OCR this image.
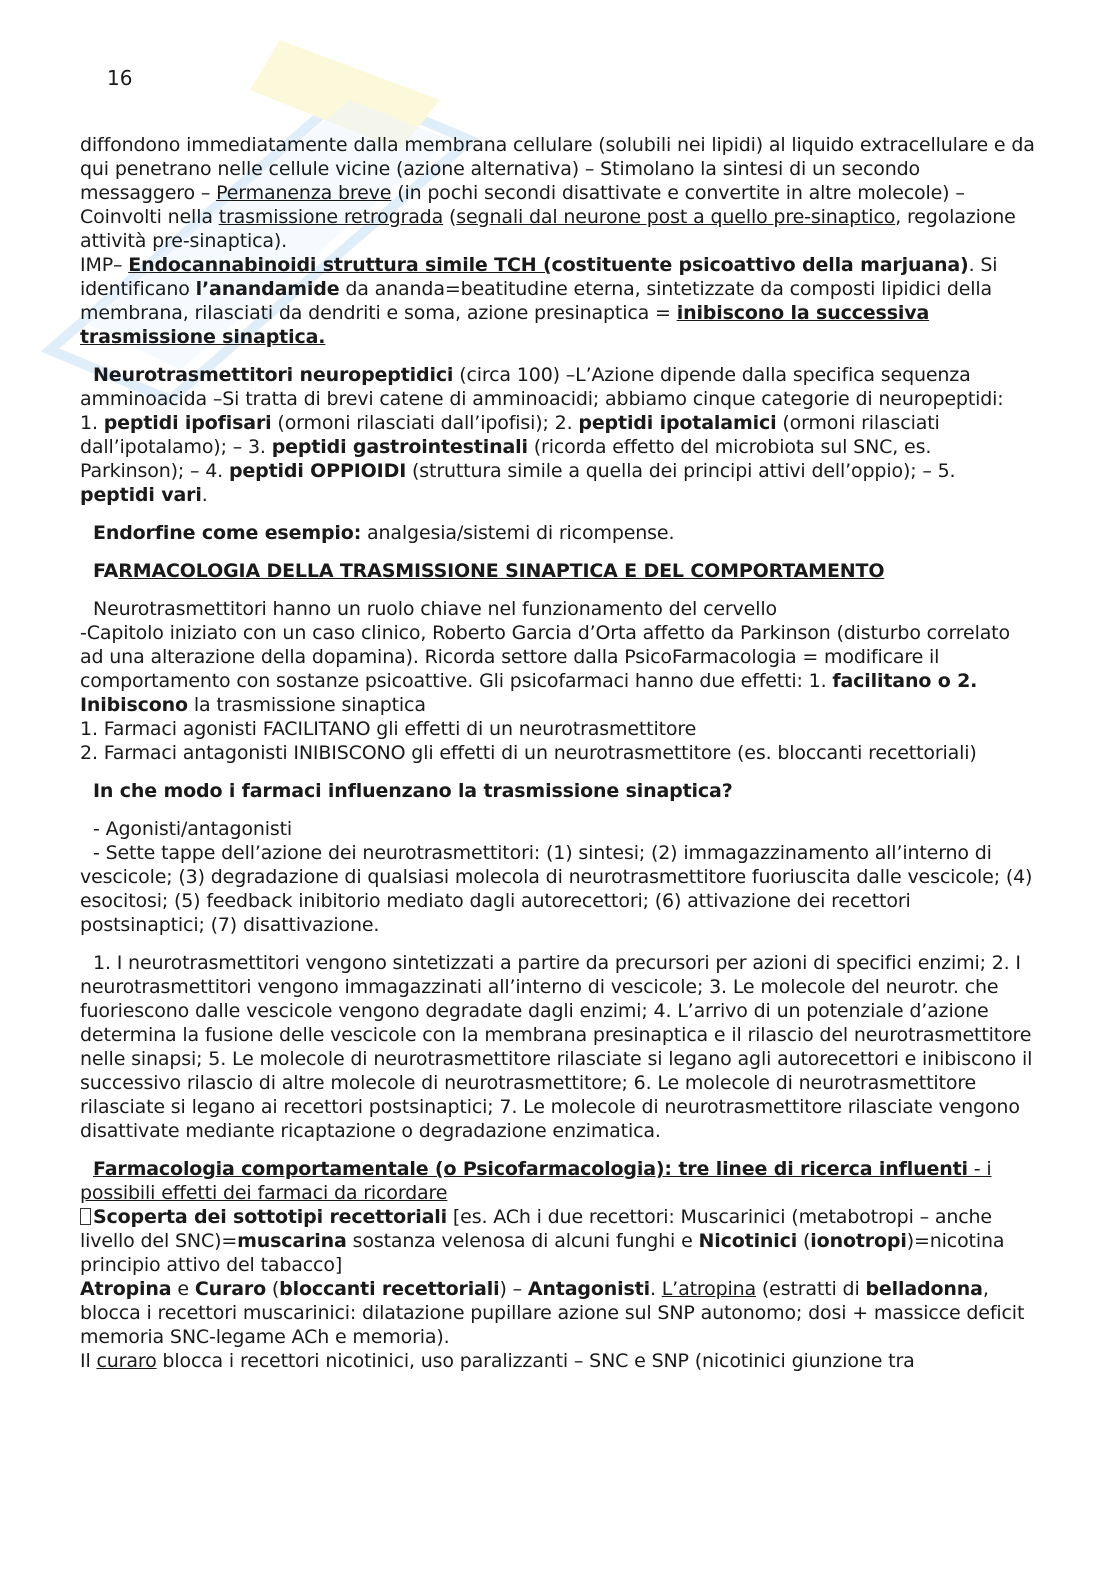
16

diffondono immediatamente dalla membrana cellulare (solubili nei lipidi) al liquido extracellulare e da qui penetrano nelle cellule vicine (azione alternativa) – Stimolano la sintesi di un secondo messaggero – Permanenza breve (in pochi secondi disattivate e convertite in altre molecole) – Coinvolti nella trasmissione retrograda (segnali dal neurone post a quello pre-sinaptico, regolazione attività pre-sinaptica).

IMP– Endocannabinoidi struttura simile TCH (costituente psicoattivo della marjuana). Si identificano l’anandamide da ananda=beatitudine eterna, sintetizzate da composti lipidici della membrana, rilasciati da dendriti e soma, azione presinaptica = inibiscono la successiva trasmissione sinaptica.

Neurotrasmettitori neuropeptidici (circa 100) –L’Azione dipende dalla specifica sequenza amminoacida –Si tratta di brevi catene di amminoacidi; abbiamo cinque categorie di neuropeptidi:

1. peptidi ipofisari (ormoni rilasciati dall’ipofisi); 2. peptidi ipotalamici (ormoni rilasciati dall’ipotalamo); – 3. peptidi gastrointestinali (ricorda effetto del microbiota sul SNC, es. Parkinson); – 4. peptidi OPPIOIDI (struttura simile a quella dei principi attivi dell’oppio); – 5. peptidi vari.

Endorfine come esempio: analgesia/sistemi di ricompense.

FARMACOLOGIA DELLA TRASMISSIONE SINAPTICA E DEL COMPORTAMENTO

Neurotrasmettitori hanno un ruolo chiave nel funzionamento del cervello

-Capitolo iniziato con un caso clinico, Roberto Garcia d’Orta affetto da Parkinson (disturbo correlato ad una alterazione della dopamina). Ricorda settore dalla PsicoFarmacologia = modificare il comportamento con sostanze psicoattive. Gli psicofarmaci hanno due effetti: 1. facilitano o 2. Inibiscono la trasmissione sinaptica

1. Farmaci agonisti FACILITANO gli effetti di un neurotrasmettitore

2. Farmaci antagonisti INIBISCONO gli effetti di un neurotrasmettitore (es. bloccanti recettoriali)

In che modo i farmaci influenzano la trasmissione sinaptica?

- Agonisti/antagonisti

- Sette tappe dell’azione dei neurotrasmettitori: (1) sintesi; (2) immagazzinamento all’interno di vescicole; (3) degradazione di qualsiasi molecola di neurotrasmettitore fuoriuscita dalle vescicole; (4) esocitosi; (5) feedback inibitorio mediato dagli autorecettori; (6) attivazione dei recettori postsinaptici; (7) disattivazione.

1. I neurotrasmettitori vengono sintetizzati a partire da precursori per azioni di specifici enzimi; 2. I neurotrasmettitori vengono immagazzinati all’interno di vescicole; 3. Le molecole del neurotr. che fuoriescono dalle vescicole vengono degradate dagli enzimi; 4. L’arrivo di un potenziale d’azione determina la fusione delle vescicole con la membrana presinaptica e il rilascio del neurotrasmettitore nelle sinapsi; 5. Le molecole di neurotrasmettitore rilasciate si legano agli autorecettori e inibiscono il successivo rilascio di altre molecole di neurotrasmettitore; 6. Le molecole di neurotrasmettitore rilasciate si legano ai recettori postsinaptici; 7. Le molecole di neurotrasmettitore rilasciate vengono disattivate mediante ricaptazione o degradazione enzimatica.

Farmacologia comportamentale (o Psicofarmacologia): tre linee di ricerca influenti - i possibili effetti dei farmaci da ricordare

Scoperta dei sottotipi recettoriali [es. ACh i due recettori: Muscarinici (metabotropi – anche livello del SNC)=muscarina sostanza velenosa di alcuni funghi e Nicotinici (ionotropi)=nicotina principio attivo del tabacco]

Atropina e Curaro (bloccanti recettoriali) – Antagonisti. L’atropina (estratti di belladonna, blocca i recettori muscarinici: dilatazione pupillare azione sul SNP autonomo; dosi + massicce deficit memoria SNC-legame ACh e memoria).

Il curaro blocca i recettori nicotinici, uso paralizzanti – SNC e SNP (nicotinici giunzione tra
